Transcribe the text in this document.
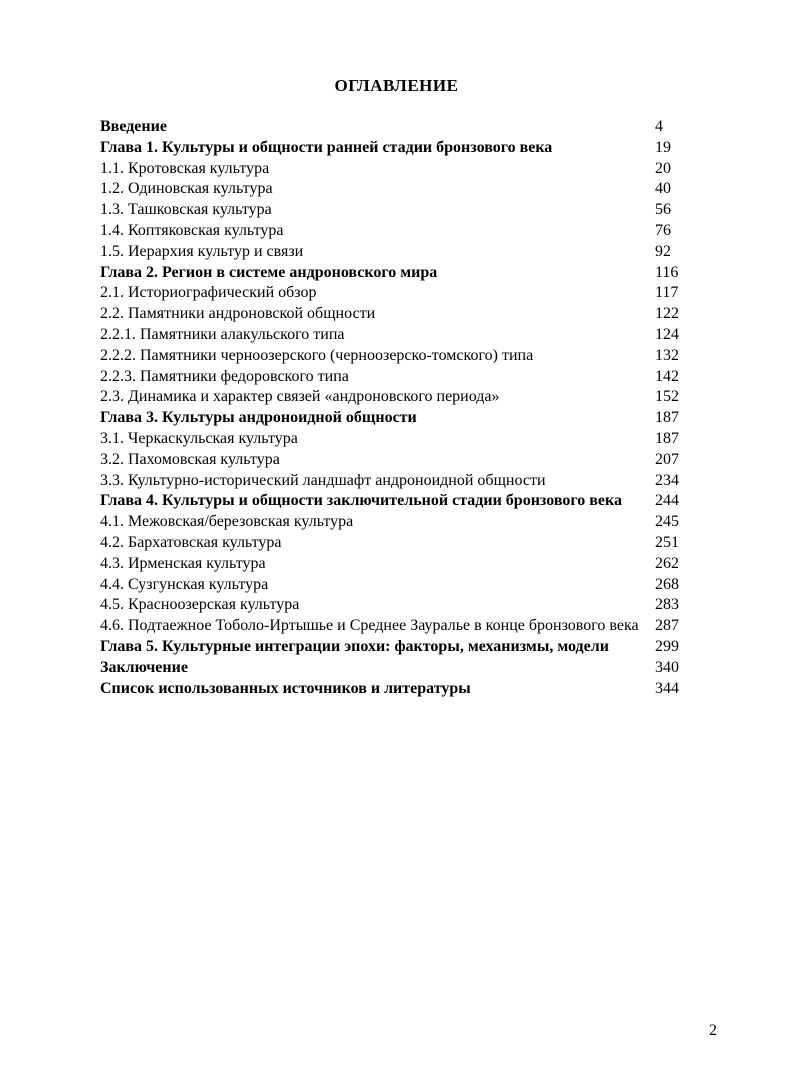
ОГЛАВЛЕНИЕ
Введение	4
Глава 1. Культуры и общности ранней стадии бронзового века	19
1.1. Кротовская культура	20
1.2. Одиновская культура	40
1.3. Ташковская культура	56
1.4. Коптяковская культура	76
1.5. Иерархия культур и связи	92
Глава 2. Регион в системе андроновского мира	116
2.1. Историографический обзор	117
2.2. Памятники андроновской общности	122
2.2.1. Памятники алакульского типа	124
2.2.2. Памятники черноозерского (черноозерско-томского) типа	132
2.2.3. Памятники федоровского типа	142
2.3. Динамика и характер связей «андроновского периода»	152
Глава 3. Культуры андроноидной общности	187
3.1. Черкаскульская культура	187
3.2. Пахомовская культура	207
3.3. Культурно-исторический ландшафт андроноидной общности	234
Глава 4. Культуры и общности заключительной стадии бронзового века	244
4.1. Межовская/березовская культура	245
4.2. Бархатовская культура	251
4.3. Ирменская культура	262
4.4. Сузгунская культура	268
4.5. Красноозерская культура	283
4.6. Подтаежное Тоболо-Иртышье и Среднее Зауралье в конце бронзового века	287
Глава 5. Культурные интеграции эпохи: факторы, механизмы, модели	299
Заключение	340
Список использованных источников и литературы	344
2
